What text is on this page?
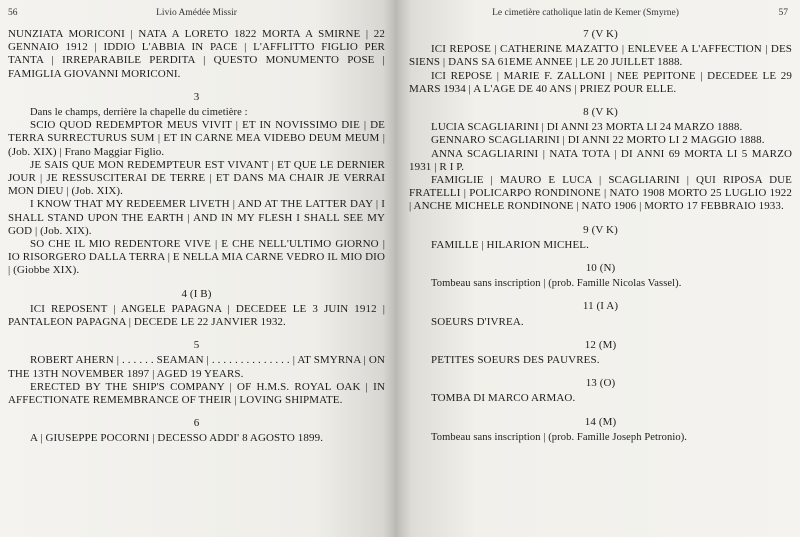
56	Livio Amédée Missir

NUNZIATA MORICONI | NATA A LORETO 1822 MORTA A SMIRNE | 22 GENNAIO 1912 | IDDIO L'ABBIA IN PACE | L'AFFLITTO FIGLIO PER TANTA | IRREPARABILE PERDITA | QUESTO MONUMENTO POSE | FAMIGLIA GIOVANNI MORICONI.

3

Dans le champs, derrière la chapelle du cimetière :

SCIO QUOD REDEMPTOR MEUS VIVIT | ET IN NOVISSIMO DIE | DE TERRA SURRECTURUS SUM | ET IN CARNE MEA VIDEBO DEUM MEUM | (Job. XIX) | Frano Maggiar Figlio.

JE SAIS QUE MON REDEMPTEUR EST VIVANT | ET QUE LE DERNIER JOUR | JE RESSUSCITERAI DE TERRE | ET DANS MA CHAIR JE VERRAI MON DIEU | (Job. XIX).

I KNOW THAT MY REDEEMER LIVETH | AND AT THE LATTER DAY | I SHALL STAND UPON THE EARTH | AND IN MY FLESH I SHALL SEE MY GOD | (Job. XIX).

SO CHE IL MIO REDENTORE VIVE | E CHE NELL'ULTIMO GIORNO | IO RISORGERO DALLA TERRA | E NELLA MIA CARNE VEDRO IL MIO DIO | (Giobbe XIX).

4 (I B)

ICI REPOSENT | ANGELE PAPAGNA | DECEDEE LE 3 JUIN 1912 | PANTALEON PAPAGNA | DECEDE LE 22 JANVIER 1932.

5

ROBERT AHERN | . . . . . . SEAMAN | . . . . . . . . . . . . . . | AT SMYRNA | ON THE 13TH NOVEMBER 1897 | AGED 19 YEARS.

ERECTED BY THE SHIP'S COMPANY | OF H.M.S. ROYAL OAK | IN AFFECTIONATE REMEMBRANCE OF THEIR | LOVING SHIPMATE.

6

A | GIUSEPPE POCORNI | DECESSO ADDI' 8 AGOSTO 1899.

Le cimetière catholique latin de Kemer (Smyrne)	57

7 (V K)

ICI REPOSE | CATHERINE MAZATTO | ENLEVEE A L'AFFECTION | DES SIENS | DANS SA 61EME ANNEE | LE 20 JUILLET 1888.

ICI REPOSE | MARIE F. ZALLONI | NEE PEPITONE | DECEDEE LE 29 MARS 1934 | A L'AGE DE 40 ANS | PRIEZ POUR ELLE.

8 (V K)

LUCIA SCAGLIARINI | DI ANNI 23 MORTA LI 24 MARZO 1888.

GENNARO SCAGLIARINI | DI ANNI 22 MORTO LI 2 MAGGIO 1888.

ANNA SCAGLIARINI | NATA TOTA | DI ANNI 69 MORTA LI 5 MARZO 1931 | R I P.

FAMIGLIE | MAURO E LUCA | SCAGLIARINI | QUI RIPOSA DUE FRATELLI | POLICARPO RONDINONE | NATO 1908 MORTO 25 LUGLIO 1922 | ANCHE MICHELE RONDINONE | NATO 1906 | MORTO 17 FEBBRAIO 1933.

9 (V K)

FAMILLE | HILARION MICHEL.

10 (N)

Tombeau sans inscription | (prob. Famille Nicolas Vassel).

11 (I A)

SOEURS D'IVREA.

12 (M)

PETITES SOEURS DES PAUVRES.

13 (O)

TOMBA DI MARCO ARMAO.

14 (M)

Tombeau sans inscription | (prob. Famille Joseph Petronio).
